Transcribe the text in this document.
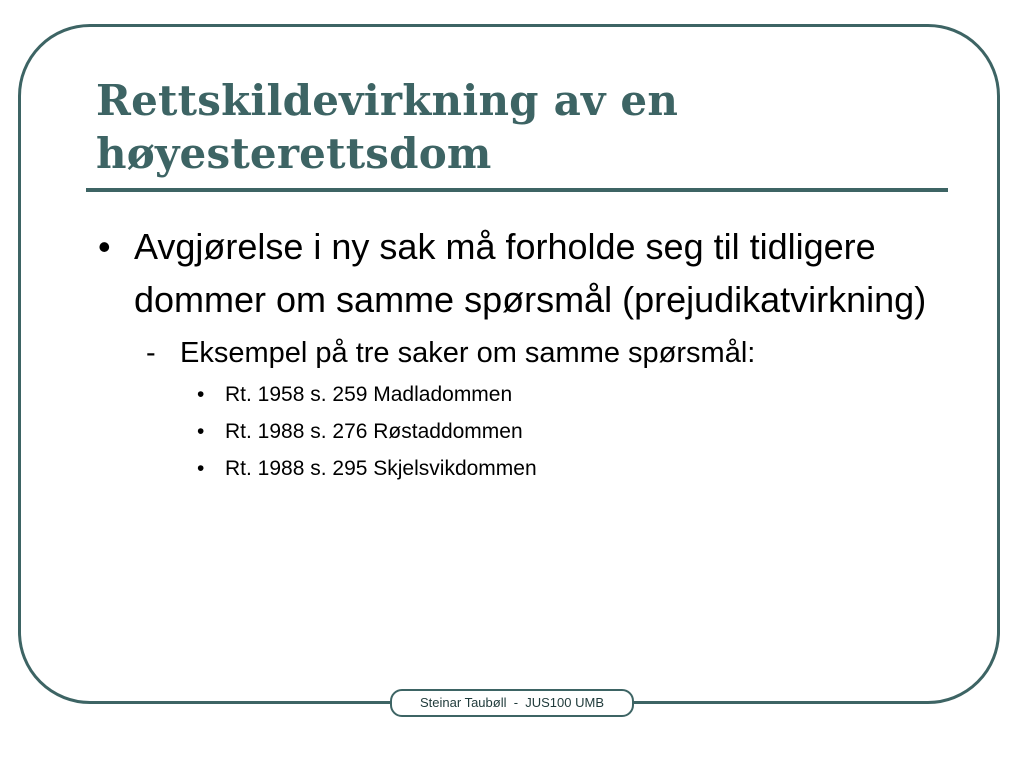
Rettskildevirkning av en høyesterettsdom

• Avgjørelse i ny sak må forholde seg til tidligere dommer om samme spørsmål (prejudikatvirkning)

- Eksempel på tre saker om samme spørsmål:

• Rt. 1958 s. 259 Madladommen
• Rt. 1988 s. 276 Røstaddommen
• Rt. 1988 s. 295 Skjelsvikdommen
Steinar Taubøll  -  JUS100 UMB
